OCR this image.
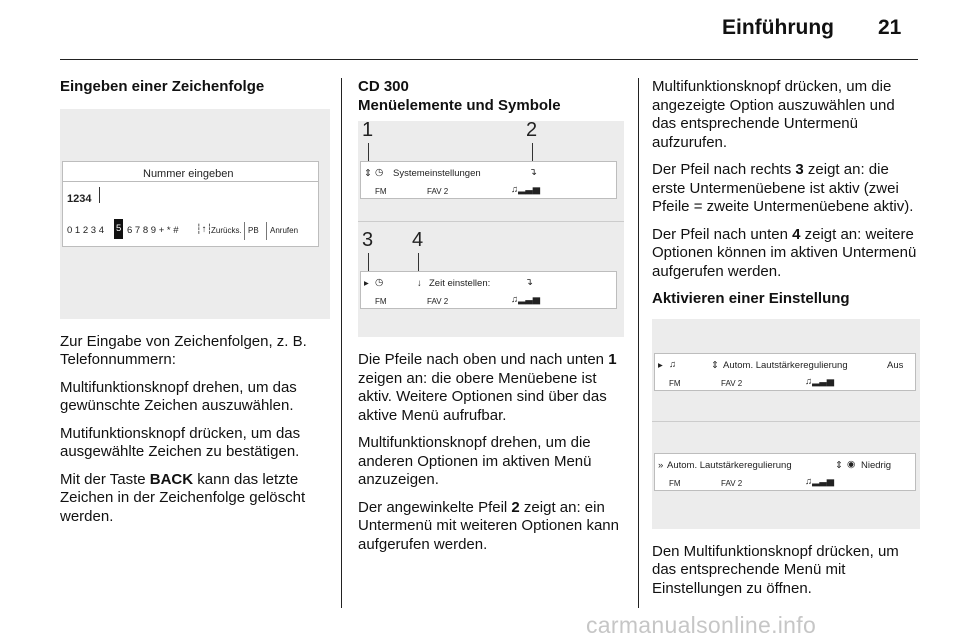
Einführung 21
Eingeben einer Zeichenfolge
Nummer eingeben
1234
0 1 2 3 4 5 6 7 8 9 + * # ┆↑┆
Zurücks. PB	Anrufen

Zur Eingabe von Zeichenfolgen, z. B. Telefonnummern:

Multifunktionsknopf drehen, um das gewünschte Zeichen auszuwählen.

Mutifunktionsknopf drücken, um das ausgewählte Zeichen zu bestätigen.

Mit der Taste BACK kann das letzte Zeichen in der Zeichenfolge gelöscht werden.

CD 300
Menüelemente und Symbole
1	2
⇕ ◷ Systemeinstellungen	↴
FM	FAV 2	♫▂▃▅
3 4
▸ ◷	↓ Zeit einstellen:	↴
FM	FAV 2	♫▂▃▅

Die Pfeile nach oben und nach unten 1 zeigen an: die obere Menüebene ist aktiv. Weitere Optionen sind über das aktive Menü aufrufbar.

Multifunktionsknopf drehen, um die anderen Optionen im aktiven Menü anzuzeigen.

Der angewinkelte Pfeil 2 zeigt an: ein Untermenü mit weiteren Optionen kann aufgerufen werden.

Multifunktionsknopf drücken, um die angezeigte Option auszuwählen und das entsprechende Untermenü aufzurufen.

Der Pfeil nach rechts 3 zeigt an: die erste Untermenüebene ist aktiv (zwei Pfeile = zweite Untermenüebene aktiv).

Der Pfeil nach unten 4 zeigt an: weitere Optionen können im aktiven Untermenü aufgerufen werden.

Aktivieren einer Einstellung
▸ ♫	⇕ Autom. Lautstärkeregulierung	Aus
FM	FAV 2	♫▂▃▅
» Autom. Lautstärkeregulierung	⇕ ◉ Niedrig
FM	FAV 2	♫▂▃▅

Den Multifunktionsknopf drücken, um das entsprechende Menü mit Einstellungen zu öffnen.

carmanualsonline.info
